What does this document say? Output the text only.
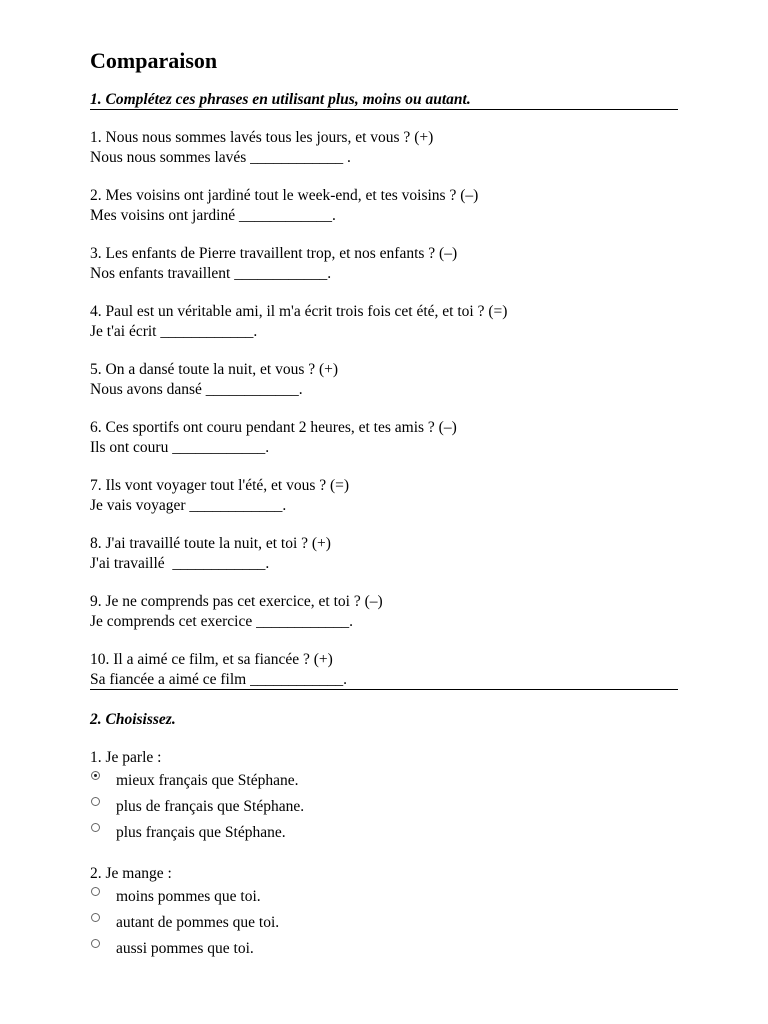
Comparaison
1. Complétez ces phrases en utilisant plus, moins ou autant.
1. Nous nous sommes lavés tous les jours, et vous ? (+)
Nous nous sommes lavés ____________ .
2. Mes voisins ont jardiné tout le week-end, et tes voisins ? (–)
Mes voisins ont jardiné ____________.
3. Les enfants de Pierre travaillent trop, et nos enfants ? (–)
Nos enfants travaillent ____________.
4. Paul est un véritable ami, il m'a écrit trois fois cet été, et toi ? (=)
Je t'ai écrit ____________.
5. On a dansé toute la nuit, et vous ? (+)
Nous avons dansé ____________.
6. Ces sportifs ont couru pendant 2 heures, et tes amis ? (–)
Ils ont couru ____________.
7. Ils vont voyager tout l'été, et vous ? (=)
Je vais voyager ____________.
8. J'ai travaillé toute la nuit, et toi ? (+)
J'ai travaillé  ____________.
9. Je ne comprends pas cet exercice, et toi ? (–)
Je comprends cet exercice ____________.
10. Il a aimé ce film, et sa fiancée ? (+)
Sa fiancée a aimé ce film ____________.
2. Choisissez.
1. Je parle :
mieux français que Stéphane.
plus de français que Stéphane.
plus français que Stéphane.
2. Je mange :
moins pommes que toi.
autant de pommes que toi.
aussi pommes que toi.
